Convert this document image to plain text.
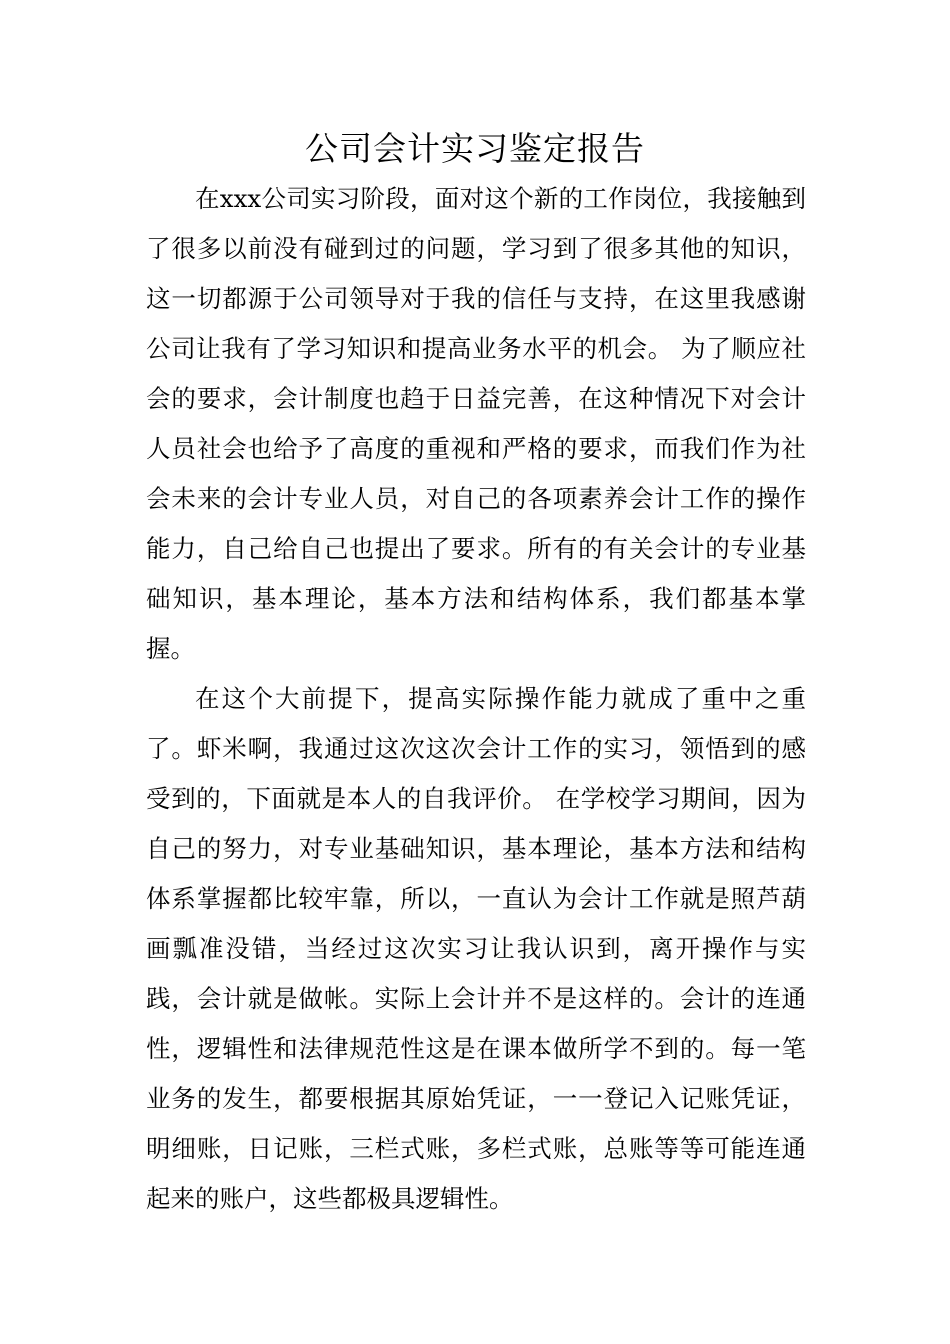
公司会计实习鉴定报告

在xxx公司实习阶段，面对这个新的工作岗位，我接触到了很多以前没有碰到过的问题，学习到了很多其他的知识，这一切都源于公司领导对于我的信任与支持，在这里我感谢公司让我有了学习知识和提高业务水平的机会。 为了顺应社会的要求，会计制度也趋于日益完善，在这种情况下对会计人员社会也给予了高度的重视和严格的要求，而我们作为社会未来的会计专业人员，对自己的各项素养会计工作的操作能力，自己给自己也提出了要求。所有的有关会计的专业基础知识，基本理论，基本方法和结构体系，我们都基本掌握。

在这个大前提下，提高实际操作能力就成了重中之重了。虾米啊，我通过这次这次会计工作的实习，领悟到的感受到的，下面就是本人的自我评价。 在学校学习期间，因为自己的努力，对专业基础知识，基本理论，基本方法和结构体系掌握都比较牢靠，所以，一直认为会计工作就是照芦葫画瓢准没错，当经过这次实习让我认识到，离开操作与实践，会计就是做帐。实际上会计并不是这样的。会计的连通性，逻辑性和法律规范性这是在课本做所学不到的。每一笔业务的发生，都要根据其原始凭证，一一登记入记账凭证，明细账，日记账，三栏式账，多栏式账，总账等等可能连通起来的账户，这些都极具逻辑性。
